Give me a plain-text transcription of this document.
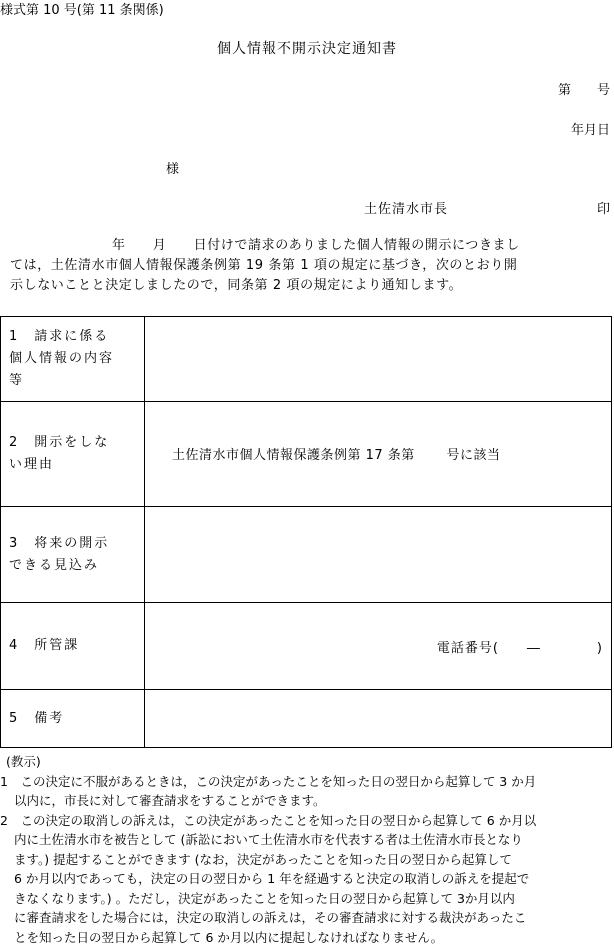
様式第 10 号(第 11 条関係)
個人情報不開示決定通知書
第 号
年月日
様
土佐清水市長	印
年　　月　　日付けで請求のありました個人情報の開示につきまし
ては，土佐清水市個人情報保護条例第 19 条第 1 項の規定に基づき，次のとおり開
示しないことと決定しましたので，同条第 2 項の規定により通知します。
1　請求に係る
個人情報の内容
等	

2　開示をしな
い理由	土佐清水市個人情報保護条例第 17 条第　　 号に該当

3　将来の開示
できる見込み	

4　所管課	電話番号(　　―　　　　)

5　備考	
(教示)
1　この決定に不服があるときは，この決定があったことを知った日の翌日から起算して 3 か月
以内に，市長に対して審査請求をすることができます。
2　この決定の取消しの訴えは，この決定があったことを知った日の翌日から起算して 6 か月以
内に土佐清水市を被告として (訴訟において土佐清水市を代表する者は土佐清水市長となり
ます。) 提起することができます (なお，決定があったことを知った日の翌日から起算して
6 か月以内であっても，決定の日の翌日から 1 年を経過すると決定の取消しの訴えを提起で
きなくなります。) 。ただし，決定があったことを知った日の翌日から起算して 3か月以内
に審査請求をした場合には，決定の取消しの訴えは，その審査請求に対する裁決があったこ
とを知った日の翌日から起算して 6 か月以内に提起しなければなりません。
